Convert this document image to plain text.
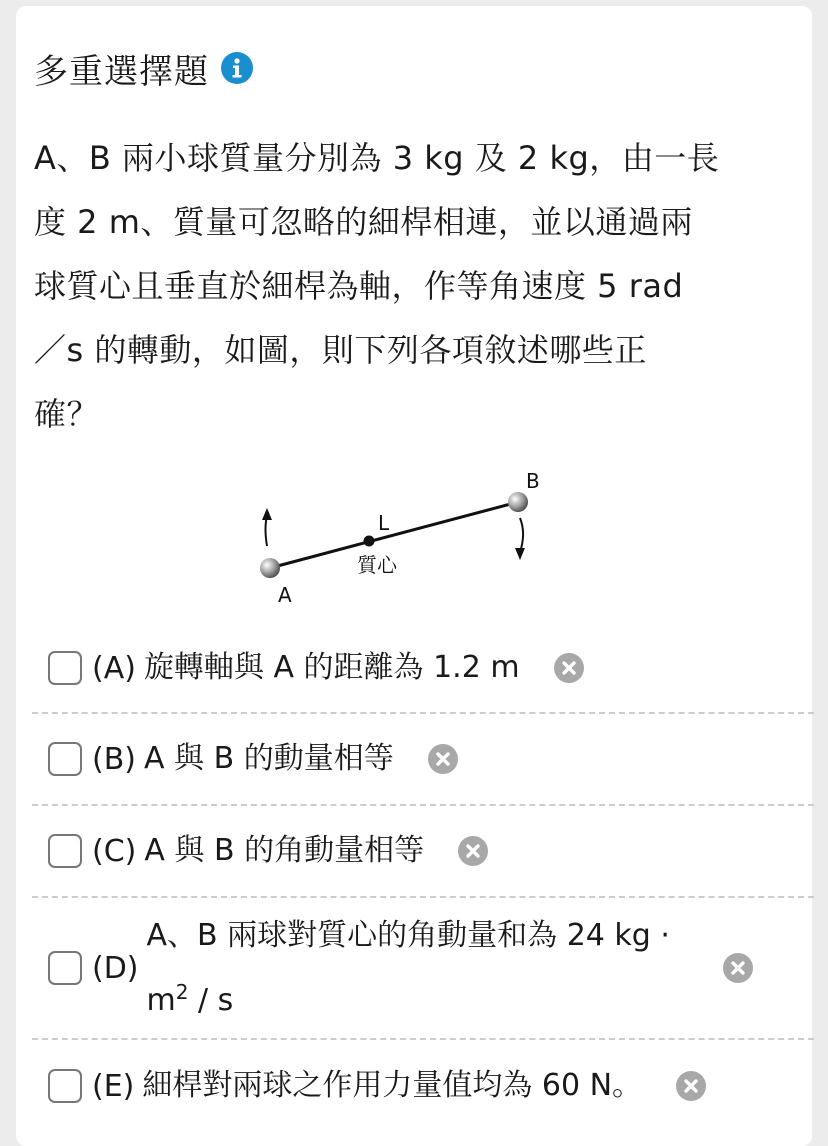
多重選擇題
A、B 兩小球質量分別為 3 kg 及 2 kg，由一長
度 2 m、質量可忽略的細桿相連，並以通過兩
球質心且垂直於細桿為軸，作等角速度 5 rad
／s 的轉動，如圖，則下列各項敘述哪些正
確？
A
B
L
質心
(A) 旋轉軸與 A 的距離為 1.2 m
(B) A 與 B 的動量相等
(C) A 與 B 的角動量相等
(D)
A、B 兩球對質心的角動量和為 24 kg ·
$m^2$ / s
(E) 細桿對兩球之作用力量值均為 60 N。
